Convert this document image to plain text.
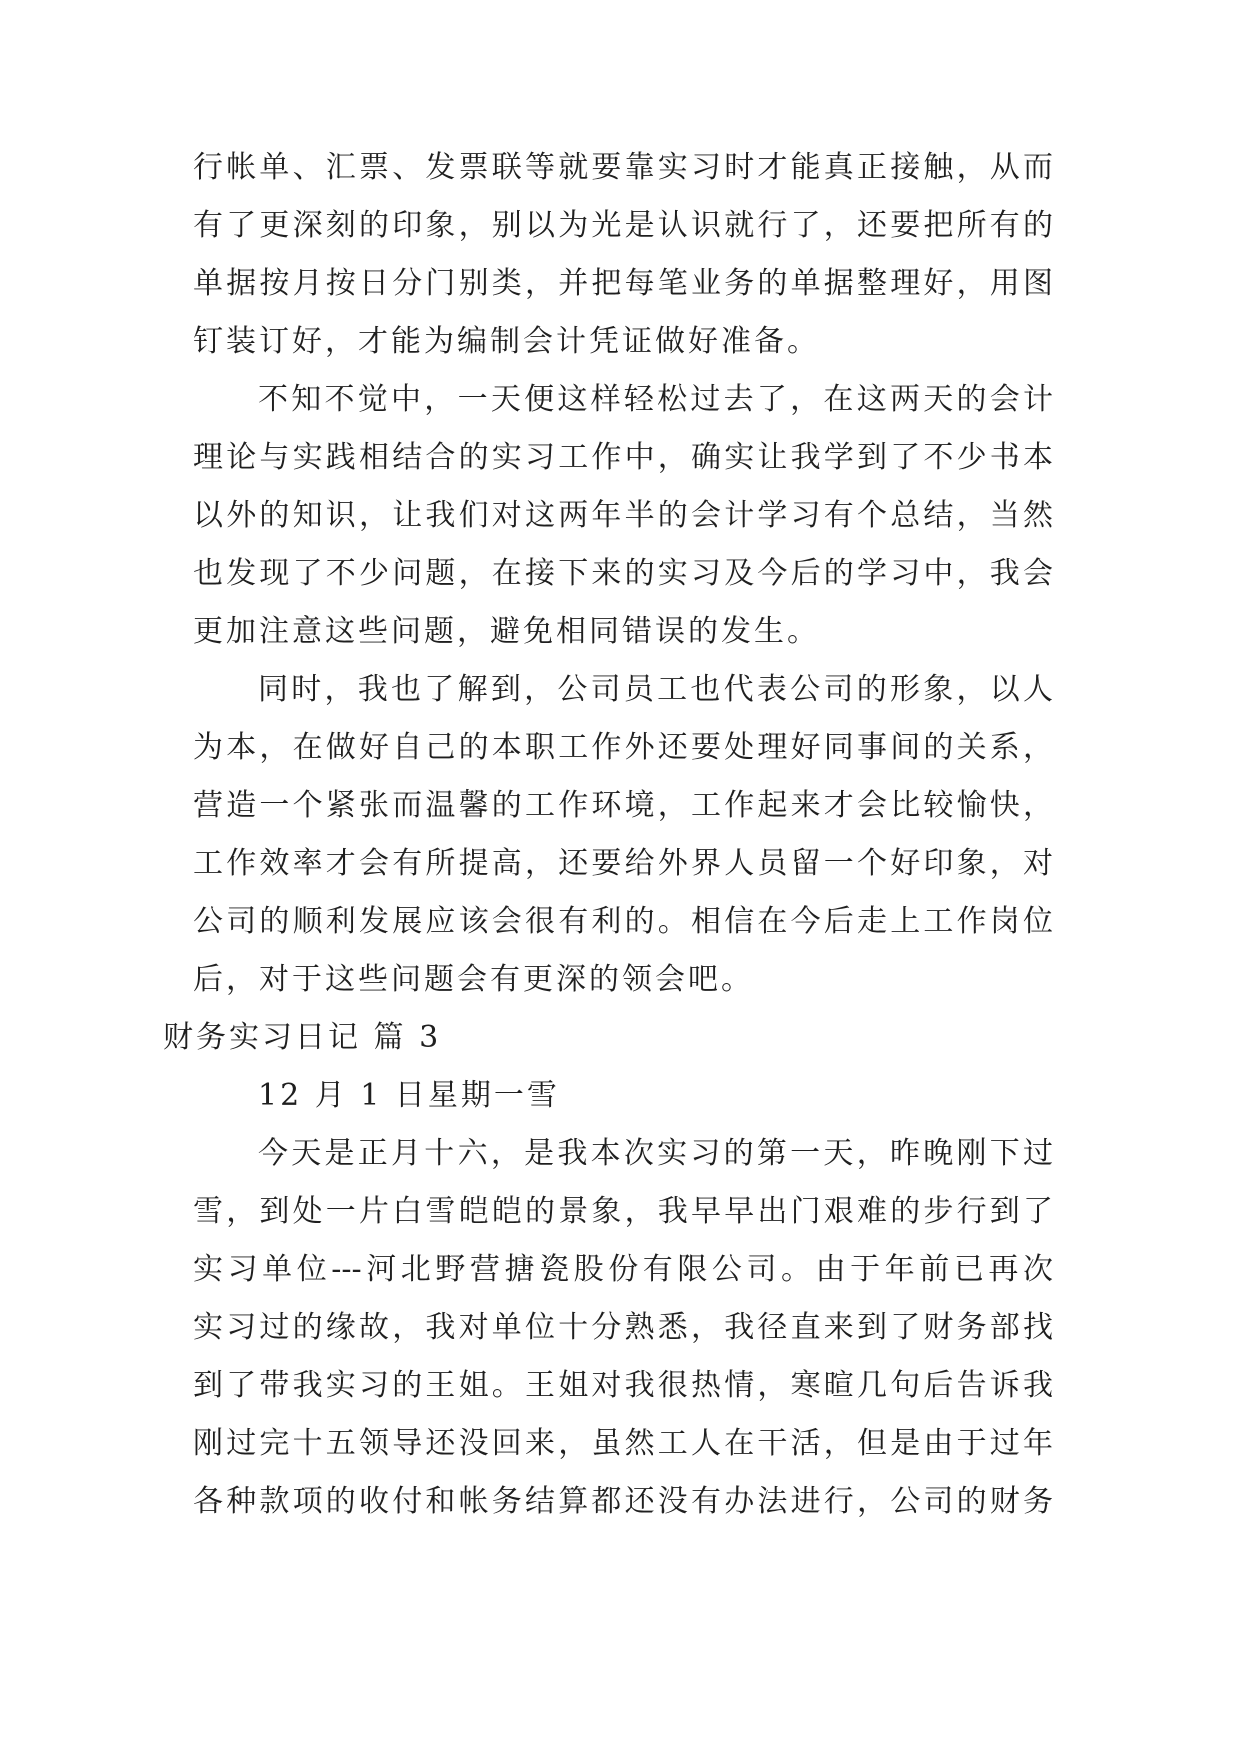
行帐单、汇票、发票联等就要靠实习时才能真正接触，从而
有了更深刻的印象，别以为光是认识就行了，还要把所有的
单据按月按日分门别类，并把每笔业务的单据整理好，用图
钉装订好，才能为编制会计凭证做好准备。
不知不觉中，一天便这样轻松过去了，在这两天的会计
理论与实践相结合的实习工作中，确实让我学到了不少书本
以外的知识，让我们对这两年半的会计学习有个总结，当然
也发现了不少问题，在接下来的实习及今后的学习中，我会
更加注意这些问题，避免相同错误的发生。
同时，我也了解到，公司员工也代表公司的形象，以人
为本，在做好自己的本职工作外还要处理好同事间的关系，
营造一个紧张而温馨的工作环境，工作起来才会比较愉快，
工作效率才会有所提高，还要给外界人员留一个好印象，对
公司的顺利发展应该会很有利的。相信在今后走上工作岗位
后，对于这些问题会有更深的领会吧。
财务实习日记 篇 3
12 月 1 日星期一雪
今天是正月十六，是我本次实习的第一天，昨晚刚下过
雪，到处一片白雪皑皑的景象，我早早出门艰难的步行到了
实习单位---河北野营搪瓷股份有限公司。由于年前已再次
实习过的缘故，我对单位十分熟悉，我径直来到了财务部找
到了带我实习的王姐。王姐对我很热情，寒暄几句后告诉我
刚过完十五领导还没回来，虽然工人在干活，但是由于过年
各种款项的收付和帐务结算都还没有办法进行，公司的财务
